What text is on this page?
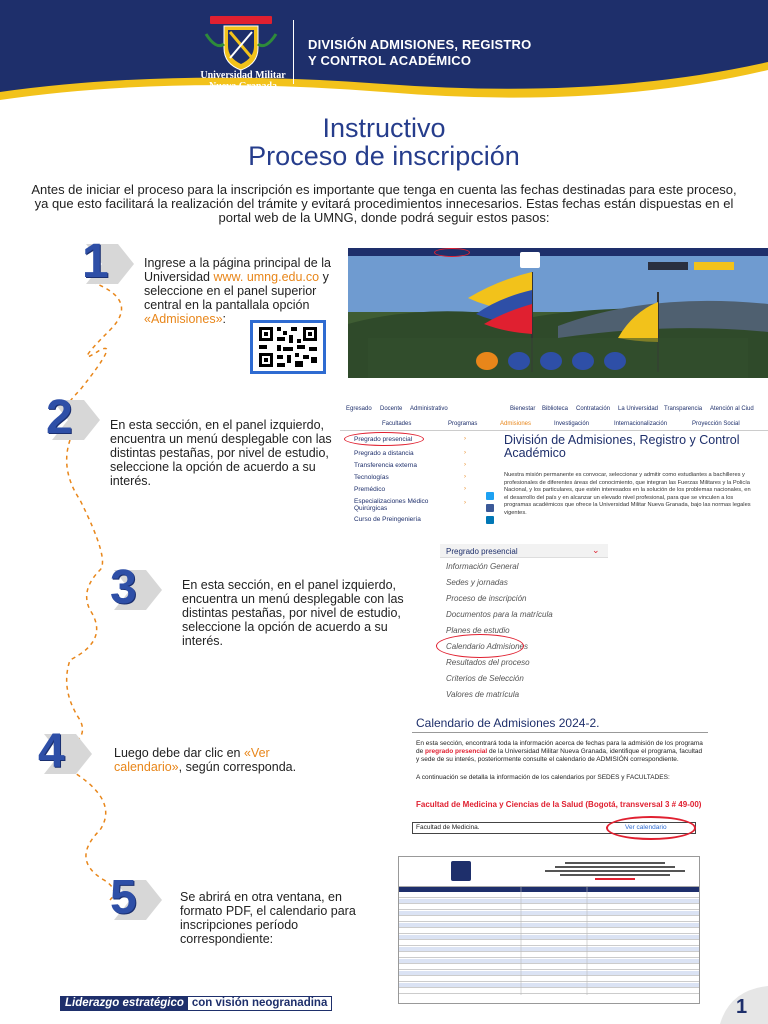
Universidad Militar
Nueva Granada
DIVISIÓN ADMISIONES, REGISTRO
Y CONTROL ACADÉMICO
Instructivo
Proceso de inscripción
Antes de iniciar el proceso para la inscripción es importante que tenga en cuenta las fechas destinadas para este proceso, ya que esto facilitará la realización del trámite y evitará procedimientos innecesarios. Estas fechas están dispuestas en el portal web de la UMNG, donde podrá seguir estos pasos:
1	Ingrese a la página principal de la Universidad www. umng.edu.co y seleccione en el panel superior central en la pantallala opción «Admisiones»:
2	En esta sección, en el panel izquierdo, encuentra un menú desplegable con las distintas pestañas, por nivel de estudio, seleccione la opción de acuerdo a su interés.
Egresado Docente Administrativo	Bienestar Biblioteca Contratación La Universidad Transparencia Atención al Ciud
Facultades	Programas	Admisiones	Investigación	Internacionalización	Proyección Social
Pregrado presencial
Pregrado a distancia
Transferencia externa
Tecnologías
Premédico
Especializaciones Médico Quirúrgicas
Curso de Preingeniería
›
›
›
›
›
›
División de Admisiones, Registro y Control Académico
Nuestra misión permanente es convocar, seleccionar y admitir como estudiantes a bachilleres y profesionales de diferentes áreas del conocimiento, que integran las Fuerzas Militares y la Policía Nacional, y los particulares, que estén interesados en la solución de los problemas nacionales, en el desarrollo del país y en alcanzar un elevado nivel profesional, para que se vinculen a los programas académicos que ofrece la Universidad Militar Nueva Granada, bajo las normas legales vigentes.
3	En esta sección, en el panel izquierdo, encuentra un menú desplegable con las distintas pestañas, por nivel de estudio, seleccione la opción de acuerdo a su interés.
Pregrado presencial	⌄
Información General
Sedes y jornadas
Proceso de inscripción
Documentos para la matrícula
Planes de estudio
Calendario Admisiones
Resultados del proceso
Criterios de Selección
Valores de matrícula
4	Luego debe dar clic en «Ver calendario», según corresponda.
Calendario de Admisiones 2024-2.
En esta sección, encontrará toda la información acerca de fechas para la admisión de los programa de pregrado presencial de la Universidad Militar Nueva Granada, identifique el programa, facultad y sede de su interés, posteriormente consulte el calendario de ADMISIÓN correspondiente.
A continuación se detalla la información de los calendarios por SEDES y FACULTADES:
Facultad de Medicina y Ciencias de la Salud (Bogotá, transversal 3 # 49-00)
Facultad de Medicina.	Ver calendario
5	Se abrirá en otra ventana, en formato PDF, el calendario para inscripciones período correspondiente:
Liderazgo estratégico con visión neogranadina	1
